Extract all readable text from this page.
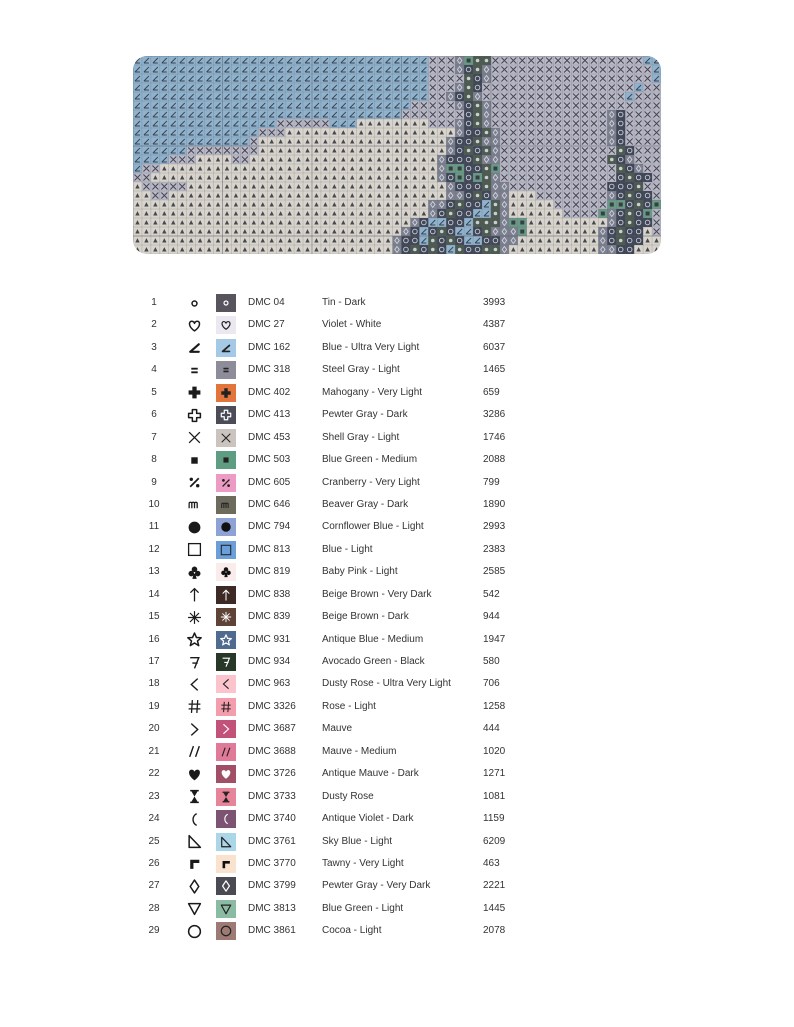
1	DMC 04	Tin - Dark	3993
2	DMC 27	Violet - White	4387
3	DMC 162	Blue - Ultra Very Light	6037
4	DMC 318	Steel Gray - Light	1465
5	DMC 402	Mahogany - Very Light	659
6	DMC 413	Pewter Gray - Dark	3286
7	DMC 453	Shell Gray - Light	1746
8	DMC 503	Blue Green - Medium	2088
9	DMC 605	Cranberry - Very Light	799
10	DMC 646	Beaver Gray - Dark	1890
11	DMC 794	Cornflower Blue - Light	2993
12	DMC 813	Blue - Light	2383
13	DMC 819	Baby Pink - Light	2585
14	DMC 838	Beige Brown - Very Dark	542
15	DMC 839	Beige Brown - Dark	944
16	DMC 931	Antique Blue - Medium	1947
17	DMC 934	Avocado Green - Black	580
18	DMC 963	Dusty Rose - Ultra Very Light	706
19	DMC 3326	Rose - Light	1258
20	DMC 3687	Mauve	444
21	DMC 3688	Mauve - Medium	1020
22	DMC 3726	Antique Mauve - Dark	1271
23	DMC 3733	Dusty Rose	1081
24	DMC 3740	Antique Violet - Dark	1159
25	DMC 3761	Sky Blue - Light	6209
26	DMC 3770	Tawny - Very Light	463
27	DMC 3799	Pewter Gray - Very Dark	2221
28	DMC 3813	Blue Green - Light	1445
29	DMC 3861	Cocoa - Light	2078
